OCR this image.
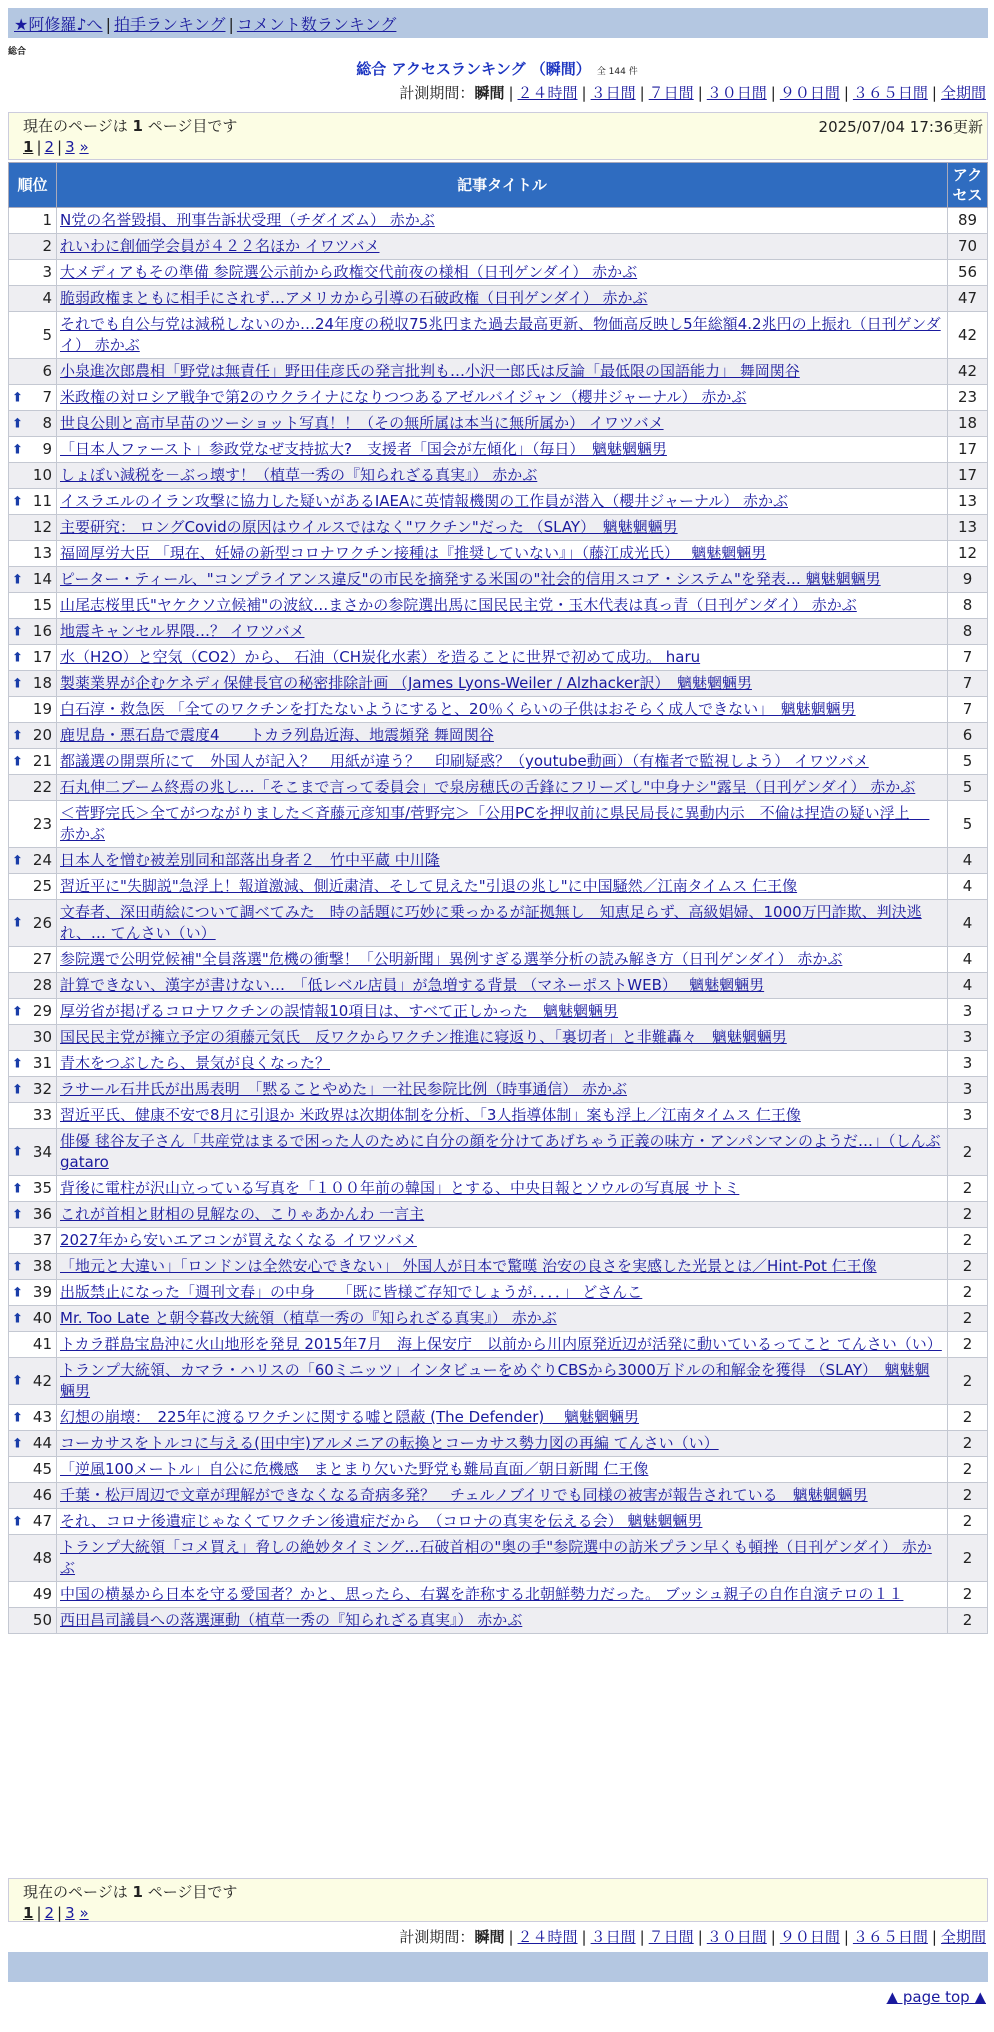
★阿修羅♪へ | 拍手ランキング | コメント数ランキング
総合
総合 アクセスランキング （瞬間） 全 144 件
計測期間：瞬間 | ２４時間 | ３日間 | ７日間 | ３０日間 | ９０日間 | ３６５日間 | 全期間
現在のページは 1 ページ目です	2025/07/04 17:36更新
1 | 2 | 3 »
順位	記事タイトル	アクセス
1	N党の名誉毀損、刑事告訴状受理（チダイズム） 赤かぶ	89
2	れいわに創価学会員が４２２名ほか イワツバメ	70
3	大メディアもその準備 参院選公示前から政権交代前夜の様相（日刊ゲンダイ） 赤かぶ	56
4	脆弱政権まともに相手にされず…アメリカから引導の石破政権（日刊ゲンダイ） 赤かぶ	47
5	それでも自公与党は減税しないのか…24年度の税収75兆円また過去最高更新、物価高反映し5年総額4.2兆円の上振れ（日刊ゲンダイ） 赤かぶ	42
6	小泉進次郎農相「野党は無責任」野田佳彦氏の発言批判も…小沢一郎氏は反論「最低限の国語能力」 舞岡関谷	42

⬆ 7	米政権の対ロシア戦争で第2のウクライナになりつつあるアゼルバイジャン（櫻井ジャーナル） 赤かぶ	23

⬆ 8	世良公則と高市早苗のツーショット写真！！（その無所属は本当に無所属か） イワツバメ	18

⬆ 9	「日本人ファースト」参政党なぜ支持拡大?　支援者「国会が左傾化」（毎日）　魑魅魍魎男	17
10	しょぼい減税を－ぶっ壊す！（植草一秀の『知られざる真実』） 赤かぶ	17

⬆ 11	イスラエルのイラン攻撃に協力した疑いがあるIAEAに英情報機関の工作員が潜入（櫻井ジャーナル） 赤かぶ	13
12	主要研究： ロングCovidの原因はウイルスではなく"ワクチン"だった （SLAY）　魑魅魍魎男	13
13	福岡厚労大臣 「現在、妊婦の新型コロナワクチン接種は『推奨していない』」（藤江成光氏）　 魑魅魍魎男	12

⬆ 14	ピーター・ティール、"コンプライアンス違反"の市民を摘発する米国の"社会的信用スコア・システム"を発表… 魑魅魍魎男	9
15	山尾志桜里氏"ヤケクソ立候補"の波紋…まさかの参院選出馬に国民民主党・玉木代表は真っ青（日刊ゲンダイ） 赤かぶ	8

⬆ 16	地震キャンセル界隈…？ イワツバメ	8

⬆ 17	水（H2O）と空気（CO2）から、 石油（CH炭化水素）を造ることに世界で初めて成功。 haru	7

⬆ 18	製薬業界が企むケネディ保健長官の秘密排除計画 （James Lyons-Weiler / Alzhacker訳）　魑魅魍魎男	7
19	白石淳・救急医 「全てのワクチンを打たないようにすると、20％くらいの子供はおそらく成人できない」　魑魅魍魎男	7

⬆ 20	鹿児島・悪石島で震度4　　トカラ列島近海、地震頻発 舞岡関谷	6

⬆ 21	都議選の開票所にて　外国人が記入？　用紙が違う？　印刷疑惑？（youtube動画）（有権者で監視しよう） イワツバメ	5
22	石丸伸二ブーム終焉の兆し…「そこまで言って委員会」で泉房穂氏の舌鋒にフリーズし"中身ナシ"露呈（日刊ゲンダイ） 赤かぶ	5
23	＜菅野完氏＞全てがつながりました＜斉藤元彦知事/菅野完＞「公用PCを押収前に県民局長に異動内示　不倫は捏造の疑い浮上　 赤かぶ	5

⬆ 24	日本人を憎む被差別同和部落出身者２＿竹中平蔵 中川隆	4
25	習近平に"失脚説"急浮上！報道激減、側近粛清、そして見えた"引退の兆し"に中国騒然／江南タイムス 仁王像	4

⬆ 26	文春者、深田萌絵について調べてみた　時の話題に巧妙に乗っかるが証拠無し　知恵足らず、高級娼婦、1000万円詐欺、判決逃れ、… てんさい（い）	4
27	参院選で公明党候補"全員落選"危機の衝撃！「公明新聞」異例すぎる選挙分析の読み解き方（日刊ゲンダイ） 赤かぶ	4
28	計算できない、漢字が書けない…　「低レベル店員」が急増する背景 （マネーポストWEB）　 魑魅魍魎男	4

⬆ 29	厚労省が掲げるコロナワクチンの誤情報10項目は、すべて正しかった　魑魅魍魎男	3
30	国民民主党が擁立予定の須藤元気氏　反ワクからワクチン推進に寝返り、「裏切者」と非難轟々　魑魅魍魎男	3

⬆ 31	青木をつぶしたら、景気が良くなった？	3

⬆ 32	ラサール石井氏が出馬表明　「黙ることやめた」一社民参院比例（時事通信） 赤かぶ	3
33	習近平氏、健康不安で8月に引退か 米政界は次期体制を分析、「3人指導体制」案も浮上／江南タイムス 仁王像	3

⬆ 34	俳優 毬谷友子さん「共産党はまるで困った人のために自分の顔を分けてあげちゃう正義の味方・アンパンマンのようだ…」（しんぶ gataro	2

⬆ 35	背後に電柱が沢山立っている写真を「１００年前の韓国」とする、中央日報とソウルの写真展 サトミ	2

⬆ 36	これが首相と財相の見解なの、こりゃあかんわ 一言主	2
37	2027年から安いエアコンが買えなくなる イワツバメ	2

⬆ 38	「地元と大違い」「ロンドンは全然安心できない」 外国人が日本で驚嘆 治安の良さを実感した光景とは／Hint-Pot 仁王像	2

⬆ 39	出版禁止になった「週刊文春」の中身　　「既に皆様ご存知でしょうが．．．．」 どさんこ	2

⬆ 40	Mr. Too Late と朝令暮改大統領（植草一秀の『知られざる真実』） 赤かぶ	2
41	トカラ群島宝島沖に火山地形を発見 2015年7月　海上保安庁　以前から川内原発近辺が活発に動いているってこと てんさい（い）	2

⬆ 42	トランプ大統領、カマラ・ハリスの「60ミニッツ」インタビューをめぐりCBSから3000万ドルの和解金を獲得 （SLAY）　魑魅魍魎男	2

⬆ 43	幻想の崩壊：　225年に渡るワクチンに関する嘘と隠蔽 (The Defender)　 魑魅魍魎男	2

⬆ 44	コーカサスをトルコに与える(田中宇)アルメニアの転換とコーカサス勢力図の再編 てんさい（い）	2
45	「逆風100メートル」自公に危機感　まとまり欠いた野党も難局直面／朝日新聞 仁王像	2
46	千葉・松戸周辺で文章が理解ができなくなる奇病多発？　チェルノブイリでも同様の被害が報告されている　魑魅魍魎男	2

⬆ 47	それ、コロナ後遺症じゃなくてワクチン後遺症だから　（コロナの真実を伝える会） 魑魅魍魎男	2
48	トランプ大統領「コメ買え」脅しの絶妙タイミング…石破首相の"奥の手"参院選中の訪米プラン早くも頓挫（日刊ゲンダイ） 赤かぶ	2
49	中国の横暴から日本を守る愛国者？かと、思ったら、右翼を詐称する北朝鮮勢力だった。 ブッシュ親子の自作自演テロの１１	2
50	西田昌司議員への落選運動（植草一秀の『知られざる真実』） 赤かぶ	2
現在のページは 1 ページ目です
1 | 2 | 3 »
計測期間：瞬間 | ２４時間 | ３日間 | ７日間 | ３０日間 | ９０日間 | ３６５日間 | 全期間
▲ page top ▲
